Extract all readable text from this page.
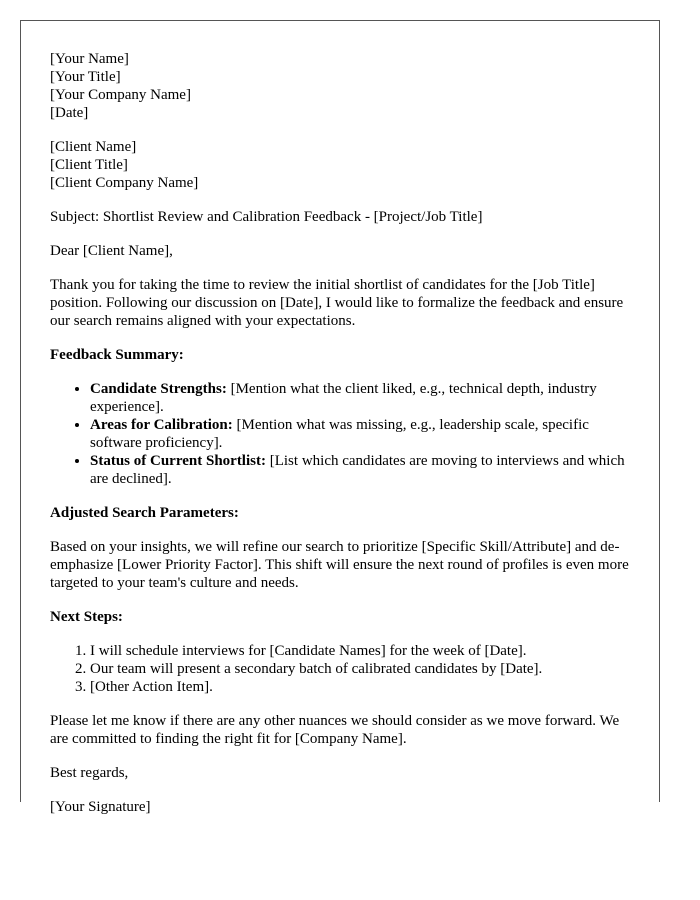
[Your Name]
[Your Title]
[Your Company Name]
[Date]
[Client Name]
[Client Title]
[Client Company Name]

Subject: Shortlist Review and Calibration Feedback - [Project/Job Title]

Dear [Client Name],

Thank you for taking the time to review the initial shortlist of candidates for the [Job Title] position. Following our discussion on [Date], I would like to formalize the feedback and ensure our search remains aligned with your expectations.

Feedback Summary:
• Candidate Strengths: [Mention what the client liked, e.g., technical depth, industry experience].
• Areas for Calibration: [Mention what was missing, e.g., leadership scale, specific software proficiency].
• Status of Current Shortlist: [List which candidates are moving to interviews and which are declined].
Adjusted Search Parameters:

Based on your insights, we will refine our search to prioritize [Specific Skill/Attribute] and de-emphasize [Lower Priority Factor]. This shift will ensure the next round of profiles is even more targeted to your team's culture and needs.

Next Steps:
1. I will schedule interviews for [Candidate Names] for the week of [Date].
2. Our team will present a secondary batch of calibrated candidates by [Date].
3. [Other Action Item].

Please let me know if there are any other nuances we should consider as we move forward. We are committed to finding the right fit for [Company Name].

Best regards,

[Your Signature]
